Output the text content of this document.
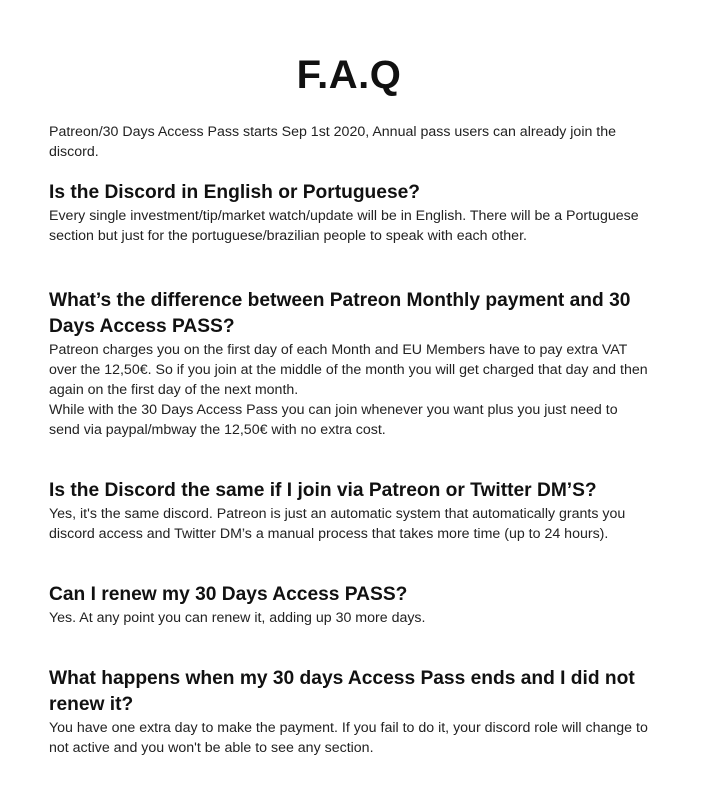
F.A.Q

Patreon/30 Days Access Pass starts Sep 1st 2020, Annual pass users can already join the discord.

Is the Discord in English or Portuguese?
Every single investment/tip/market watch/update will be in English. There will be a Portuguese section but just for the portuguese/brazilian people to speak with each other.
What’s the difference between Patreon Monthly payment and 30 Days Access PASS?
Patreon charges you on the first day of each Month and EU Members have to pay extra VAT over the 12,50€. So if you join at the middle of the month you will get charged that day and then again on the first day of the next month.
While with the 30 Days Access Pass you can join whenever you want plus you just need to send via paypal/mbway the 12,50€ with no extra cost.
Is the Discord the same if I join via Patreon or Twitter DM’S?
Yes, it's the same discord. Patreon is just an automatic system that automatically grants you discord access and Twitter DM’s a manual process that takes more time (up to 24 hours).
Can I renew my 30 Days Access PASS?
Yes. At any point you can renew it, adding up 30 more days.
What happens when my 30 days Access Pass ends and I did not renew it?
You have one extra day to make the payment. If you fail to do it, your discord role will change to not active and you won't be able to see any section.
